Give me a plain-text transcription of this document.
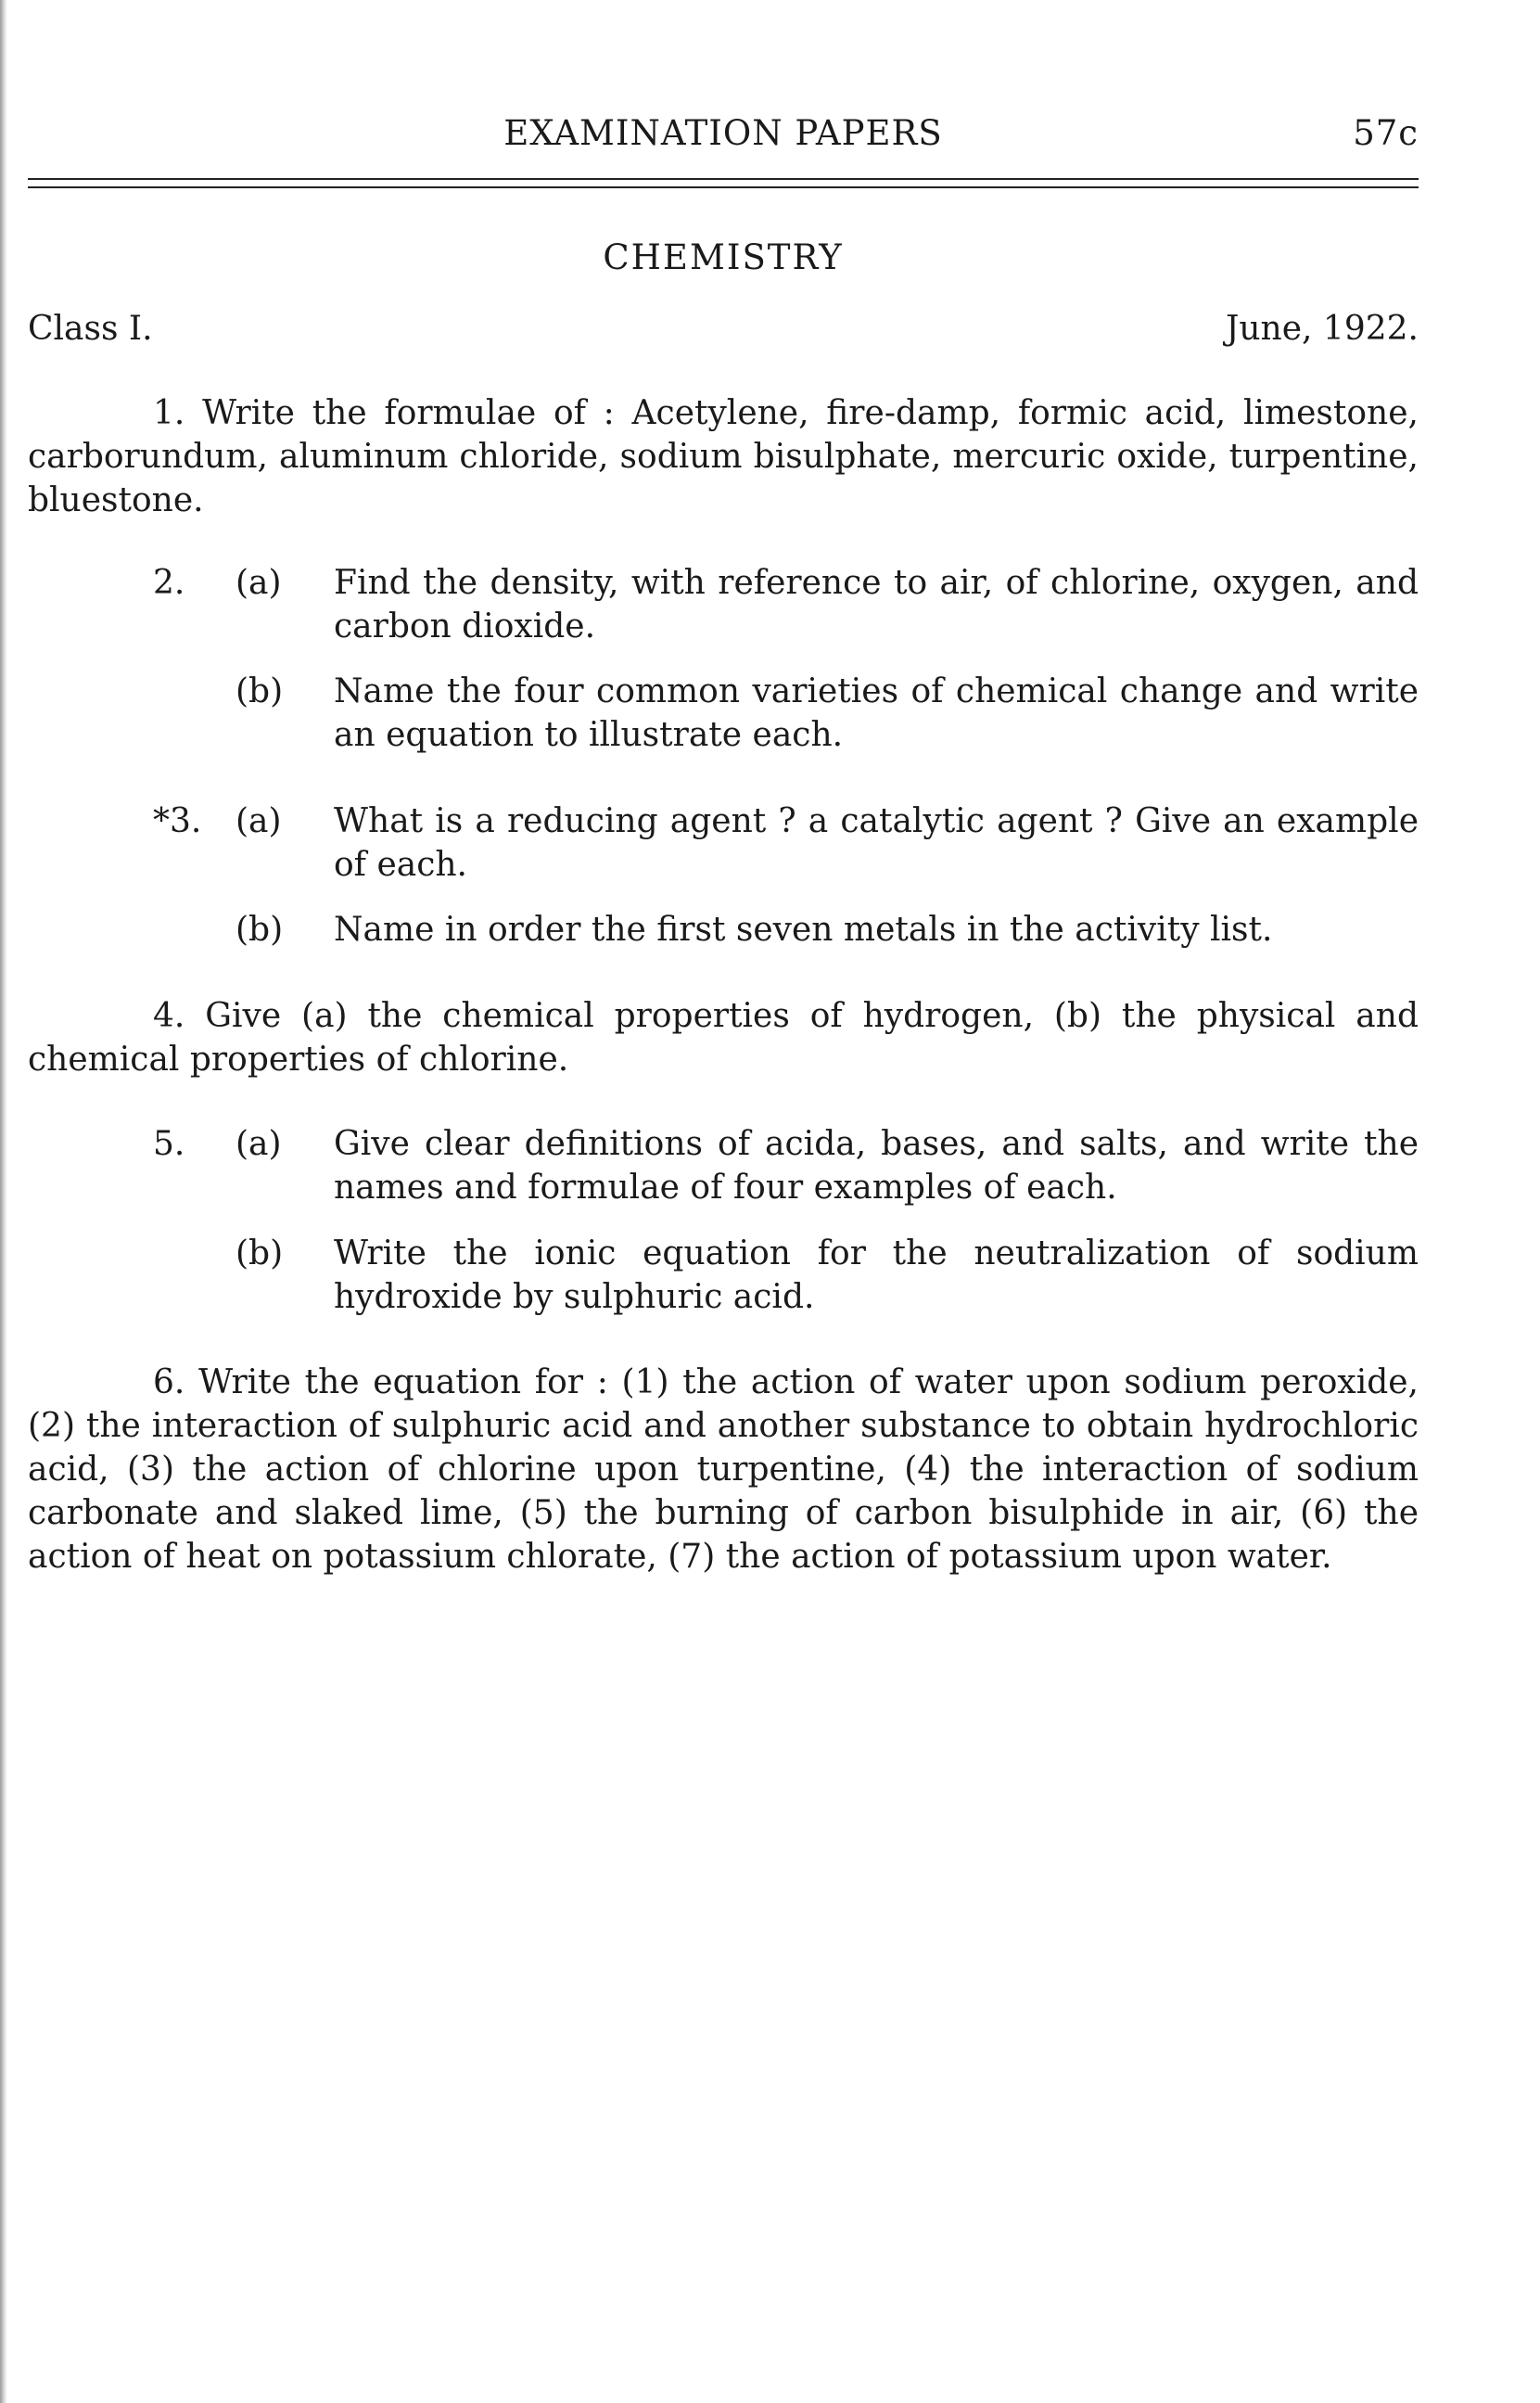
EXAMINATION PAPERS	57c
CHEMISTRY
Class I.	June, 1922.
1. Write the formulae of : Acetylene, fire-damp, formic acid, limestone, carborundum, aluminum chloride, sodium bisulphate, mercuric oxide, turpentine, bluestone.
2. (a) Find the density, with reference to air, of chlorine, oxygen, and carbon dioxide.
(b) Name the four common varieties of chemical change and write an equation to illustrate each.
*3. (a) What is a reducing agent ? a catalytic agent ? Give an example of each.
(b) Name in order the first seven metals in the activity list.
4. Give (a) the chemical properties of hydrogen, (b) the physical and chemical properties of chlorine.
5. (a) Give clear definitions of acida, bases, and salts, and write the names and formulae of four examples of each.
(b) Write the ionic equation for the neutralization of sodium hydroxide by sulphuric acid.
6. Write the equation for : (1) the action of water upon sodium peroxide, (2) the interaction of sulphuric acid and another substance to obtain hydrochloric acid, (3) the action of chlorine upon turpentine, (4) the interaction of sodium carbonate and slaked lime, (5) the burning of carbon bisulphide in air, (6) the action of heat on potassium chlorate, (7) the action of potassium upon water.
